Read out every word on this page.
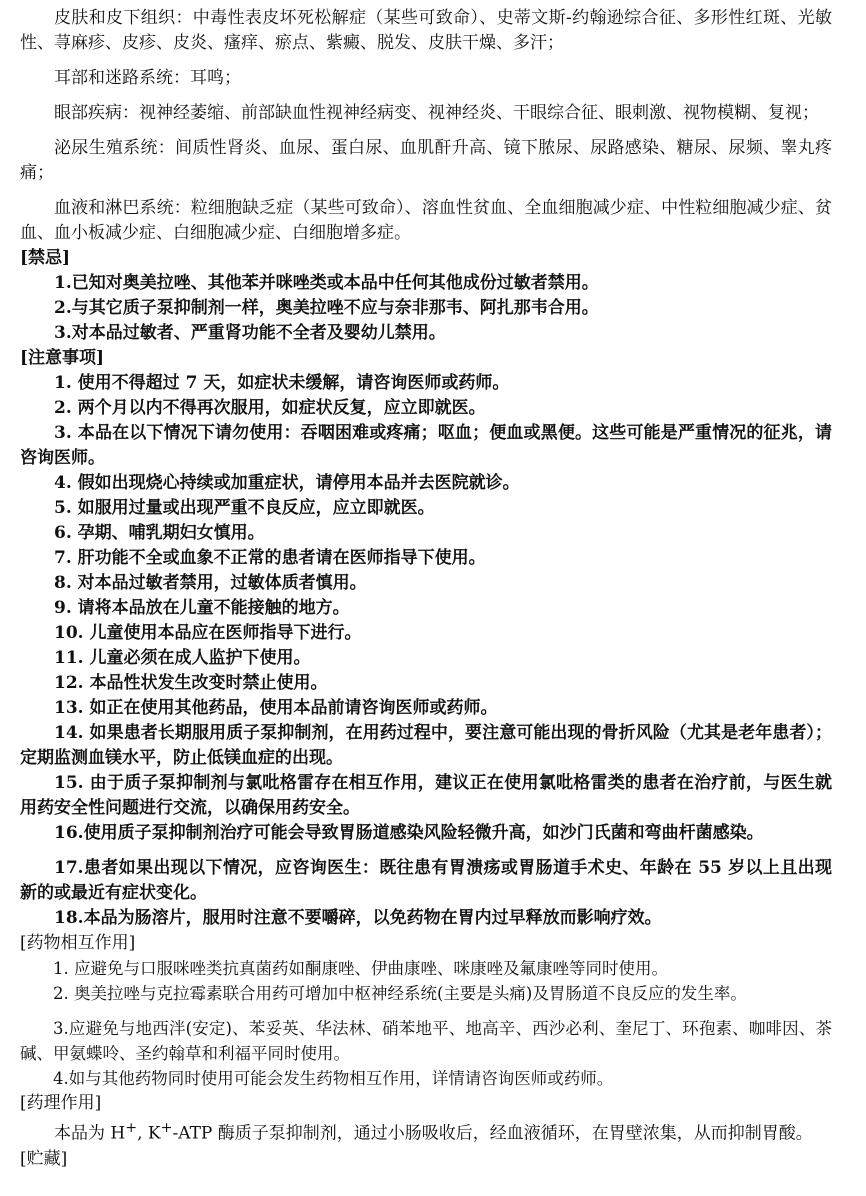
皮肤和皮下组织：中毒性表皮坏死松解症（某些可致命）、史蒂文斯-约翰逊综合征、多形性红斑、光敏性、荨麻疹、皮疹、皮炎、瘙痒、瘀点、紫癜、脱发、皮肤干燥、多汗；

耳部和迷路系统：耳鸣；

眼部疾病：视神经萎缩、前部缺血性视神经病变、视神经炎、干眼综合征、眼刺激、视物模糊、复视；

泌尿生殖系统：间质性肾炎、血尿、蛋白尿、血肌酐升高、镜下脓尿、尿路感染、糖尿、尿频、睾丸疼痛；

血液和淋巴系统：粒细胞缺乏症（某些可致命）、溶血性贫血、全血细胞减少症、中性粒细胞减少症、贫血、血小板减少症、白细胞减少症、白细胞增多症。

[禁忌]

1.已知对奥美拉唑、其他苯并咪唑类或本品中任何其他成份过敏者禁用。

2.与其它质子泵抑制剂一样，奥美拉唑不应与奈非那韦、阿扎那韦合用。

3.对本品过敏者、严重肾功能不全者及婴幼儿禁用。

[注意事项]

1. 使用不得超过 7 天，如症状未缓解，请咨询医师或药师。

2. 两个月以内不得再次服用，如症状反复，应立即就医。

3. 本品在以下情况下请勿使用：吞咽困难或疼痛；呕血；便血或黑便。这些可能是严重情况的征兆，请咨询医师。

4. 假如出现烧心持续或加重症状，请停用本品并去医院就诊。

5. 如服用过量或出现严重不良反应，应立即就医。

6. 孕期、哺乳期妇女慎用。

7. 肝功能不全或血象不正常的患者请在医师指导下使用。

8. 对本品过敏者禁用，过敏体质者慎用。

9. 请将本品放在儿童不能接触的地方。

10. 儿童使用本品应在医师指导下进行。

11. 儿童必须在成人监护下使用。

12. 本品性状发生改变时禁止使用。

13. 如正在使用其他药品，使用本品前请咨询医师或药师。

14. 如果患者长期服用质子泵抑制剂，在用药过程中，要注意可能出现的骨折风险（尤其是老年患者）；定期监测血镁水平，防止低镁血症的出现。

15. 由于质子泵抑制剂与氯吡格雷存在相互作用，建议正在使用氯吡格雷类的患者在治疗前，与医生就用药安全性问题进行交流，以确保用药安全。

16.使用质子泵抑制剂治疗可能会导致胃肠道感染风险轻微升高，如沙门氏菌和弯曲杆菌感染。

17.患者如果出现以下情况，应咨询医生：既往患有胃溃疡或胃肠道手术史、年龄在 55 岁以上且出现新的或最近有症状变化。

18.本品为肠溶片，服用时注意不要嚼碎，以免药物在胃内过早释放而影响疗效。

[药物相互作用]

1. 应避免与口服咪唑类抗真菌药如酮康唑、伊曲康唑、咪康唑及氟康唑等同时使用。

2. 奥美拉唑与克拉霉素联合用药可增加中枢神经系统(主要是头痛)及胃肠道不良反应的发生率。

3.应避免与地西泮(安定)、苯妥英、华法林、硝苯地平、地高辛、西沙必利、奎尼丁、环孢素、咖啡因、茶碱、甲氨蝶呤、圣约翰草和利福平同时使用。

4.如与其他药物同时使用可能会发生药物相互作用，详情请咨询医师或药师。

[药理作用]

本品为 H+, K+-ATP 酶质子泵抑制剂，通过小肠吸收后，经血液循环，在胃壁浓集，从而抑制胃酸。

[贮藏]
